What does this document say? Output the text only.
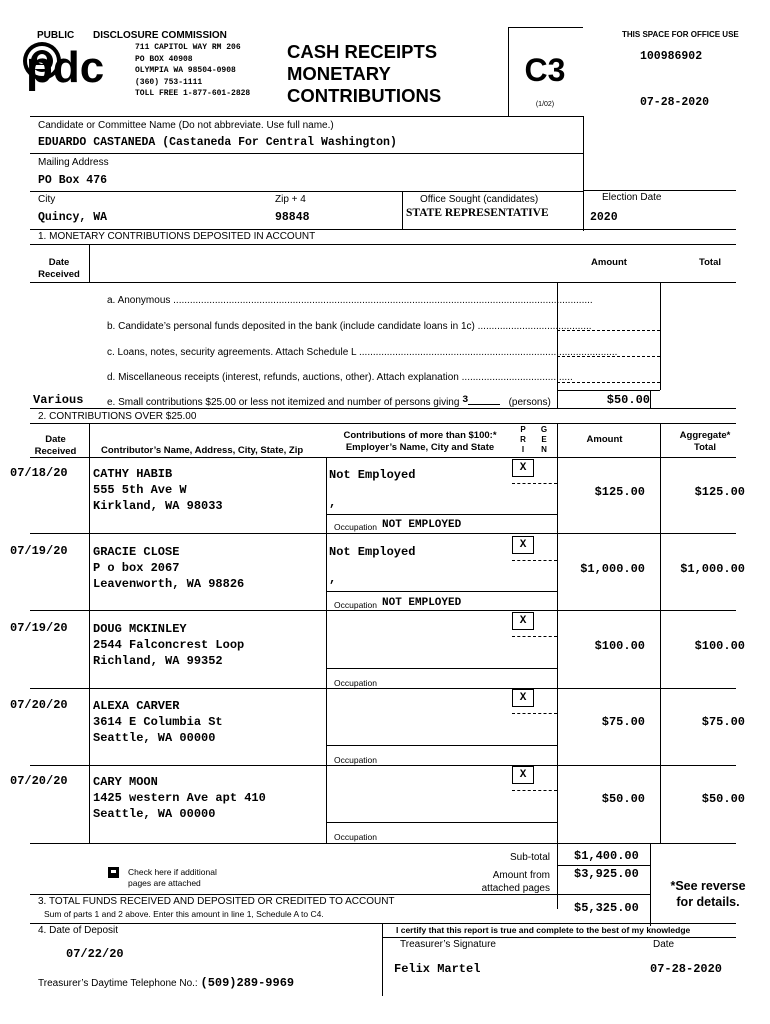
PUBLIC DISCLOSURE COMMISSION
pdc	711 CAPITOL WAY RM 206
PO BOX 40908
OLYMPIA WA 98504-0908
(360) 753-1111
TOLL FREE 1-877-601-2828
CASH RECEIPTS
MONETARY
CONTRIBUTIONS
C3
(1/02)
THIS SPACE FOR OFFICE USE
100986902
07-28-2020
Candidate or Committee Name (Do not abbreviate. Use full name.)
EDUARDO CASTANEDA (Castaneda For Central Washington)
Mailing Address
PO Box 476
City
Quincy, WA
Zip + 4
98848
Office Sought (candidates)
STATE REPRESENTATIVE
Election Date
2020
1. MONETARY CONTRIBUTIONS DEPOSITED IN ACCOUNT
Date Received
Amount	Total
a. Anonymous .......................................................................................................................................................
b. Candidate’s personal funds deposited in the bank (include candidate loans in 1c) .........................................
c. Loans, notes, security agreements. Attach Schedule L .............................................................................................
d. Miscellaneous receipts (interest, refunds, auctions, other). Attach explanation ........................................
Various e. Small contributions $25.00 or less not itemized and number of persons giving 3	(persons)	$50.00
2. CONTRIBUTIONS OVER $25.00
Date Received	Contributor’s Name, Address, City, State, Zip
Contributions of more than $100:*
Employer’s Name, City and State
P
R
I
G
E
N
Amount	Aggregate*
Total
07/18/20 CATHY HABIB
555 5th Ave W
Kirkland, WA 98033
Not Employed	X
,
Occupation NOT EMPLOYED
$125.00	$125.00
07/19/20 GRACIE CLOSE
P o box 2067
Leavenworth, WA 98826
Not Employed	X
,
Occupation NOT EMPLOYED
$1,000.00	$1,000.00
07/19/20 DOUG MCKINLEY
2544 Falconcrest Loop
Richland, WA 99352
X
Occupation
$100.00	$100.00
07/20/20 ALEXA CARVER
3614 E Columbia St
Seattle, WA 00000
X
Occupation
$75.00	$75.00
07/20/20 CARY MOON
1425 western Ave apt 410
Seattle, WA 00000
X
Occupation
$50.00	$50.00
Check here if additional
pages are attached
Sub-total $1,400.00
Amount from
attached pages
$3,925.00
*See reverse
for details.
3. TOTAL FUNDS RECEIVED AND DEPOSITED OR CREDITED TO ACCOUNT
Sum of parts 1 and 2 above. Enter this amount in line 1, Schedule A to C4.	$5,325.00
4. Date of Deposit
07/22/20
I certify that this report is true and complete to the best of my knowledge
Treasurer’s Signature	Date
Felix Martel	07-28-2020
Treasurer’s Daytime Telephone No.: (509)289-9969
